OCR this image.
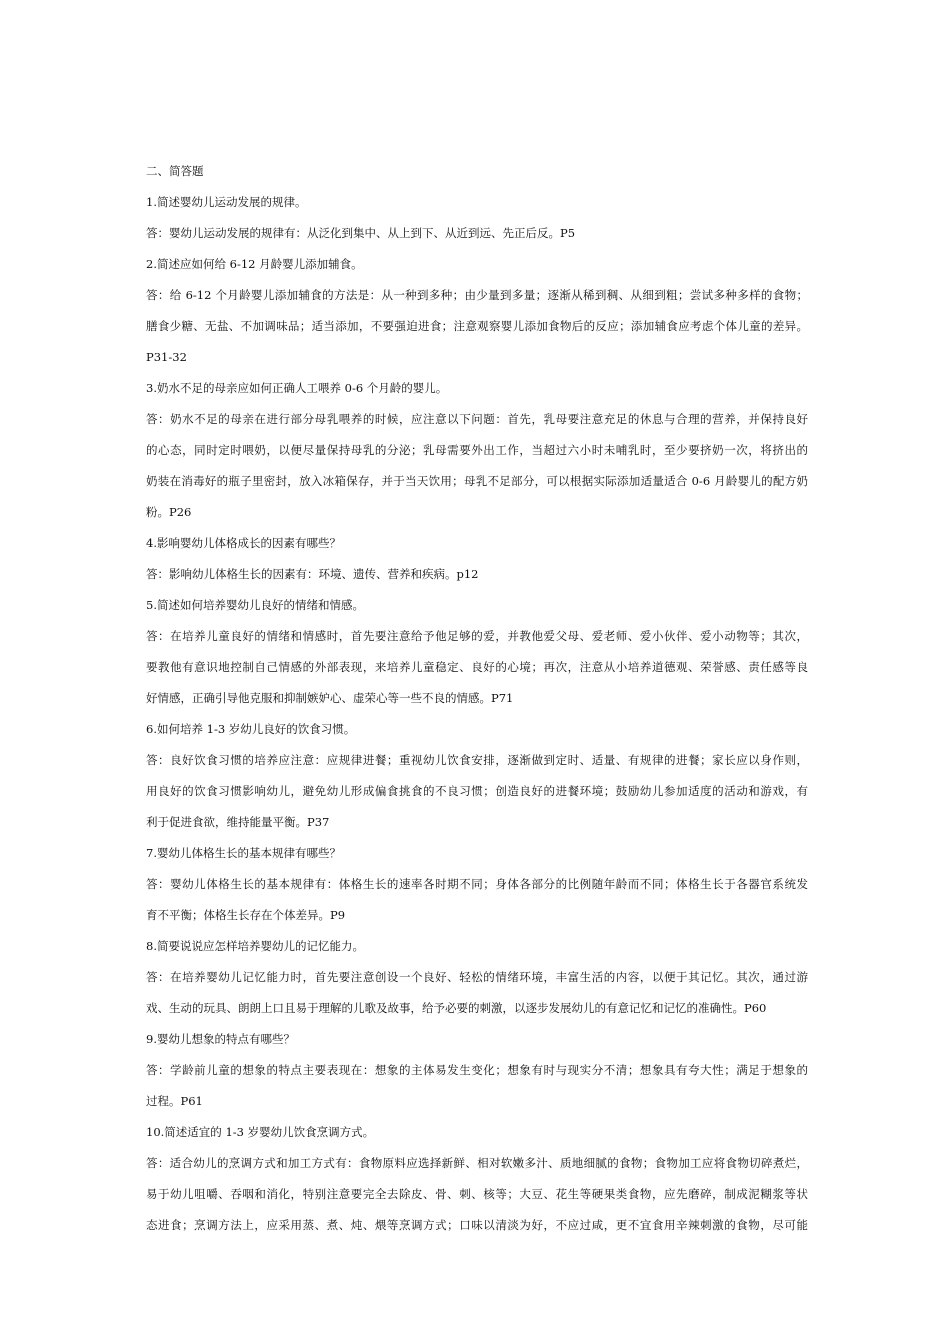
二、简答题
1.简述婴幼儿运动发展的规律。
答：婴幼儿运动发展的规律有：从泛化到集中、从上到下、从近到远、先正后反。P5
2.简述应如何给 6-12 月龄婴儿添加辅食。
答：给 6-12 个月龄婴儿添加辅食的方法是：从一种到多种；由少量到多量；逐渐从稀到稠、从细到粗；尝试多种多样的食物；
膳食少糖、无盐、不加调味品；适当添加，不要强迫进食；注意观察婴儿添加食物后的反应；添加辅食应考虑个体儿童的差异。
P31-32
3.奶水不足的母亲应如何正确人工喂养 0-6 个月龄的婴儿。
答：奶水不足的母亲在进行部分母乳喂养的时候，应注意以下问题：首先，乳母要注意充足的休息与合理的营养，并保持良好
的心态，同时定时喂奶，以便尽量保持母乳的分泌；乳母需要外出工作，当超过六小时未哺乳时，至少要挤奶一次，将挤出的
奶装在消毒好的瓶子里密封，放入冰箱保存，并于当天饮用；母乳不足部分，可以根据实际添加适量适合 0-6 月龄婴儿的配方奶
粉。P26
4.影响婴幼儿体格成长的因素有哪些？
答：影响幼儿体格生长的因素有：环境、遗传、营养和疾病。p12
5.简述如何培养婴幼儿良好的情绪和情感。
答：在培养儿童良好的情绪和情感时，首先要注意给予他足够的爱，并教他爱父母、爱老师、爱小伙伴、爱小动物等；其次，
要教他有意识地控制自己情感的外部表现，来培养儿童稳定、良好的心境；再次，注意从小培养道德观、荣誉感、责任感等良
好情感，正确引导他克服和抑制嫉妒心、虚荣心等一些不良的情感。P71
6.如何培养 1-3 岁幼儿良好的饮食习惯。
答：良好饮食习惯的培养应注意：应规律进餐；重视幼儿饮食安排，逐渐做到定时、适量、有规律的进餐；家长应以身作则，
用良好的饮食习惯影响幼儿，避免幼儿形成偏食挑食的不良习惯；创造良好的进餐环境；鼓励幼儿参加适度的活动和游戏，有
利于促进食欲，维持能量平衡。P37
7.婴幼儿体格生长的基本规律有哪些？
答：婴幼儿体格生长的基本规律有：体格生长的速率各时期不同；身体各部分的比例随年龄而不同；体格生长于各器官系统发
育不平衡；体格生长存在个体差异。P9
8.简要说说应怎样培养婴幼儿的记忆能力。
答：在培养婴幼儿记忆能力时，首先要注意创设一个良好、轻松的情绪环境，丰富生活的内容，以便于其记忆。其次，通过游
戏、生动的玩具、朗朗上口且易于理解的儿歌及故事，给予必要的刺激，以逐步发展幼儿的有意记忆和记忆的准确性。P60
9.婴幼儿想象的特点有哪些？
答：学龄前儿童的想象的特点主要表现在：想象的主体易发生变化；想象有时与现实分不清；想象具有夸大性；满足于想象的
过程。P61
10.简述适宜的 1-3 岁婴幼儿饮食烹调方式。
答：适合幼儿的烹调方式和加工方式有：食物原料应选择新鲜、相对软嫩多汁、质地细腻的食物；食物加工应将食物切碎煮烂，
易于幼儿咀嚼、吞咽和消化，特别注意要完全去除皮、骨、刺、核等；大豆、花生等硬果类食物，应先磨碎，制成泥糊浆等状
态进食；烹调方法上，应采用蒸、煮、炖、煨等烹调方式；口味以清淡为好，不应过咸，更不宜食用辛辣刺激的食物，尽可能
